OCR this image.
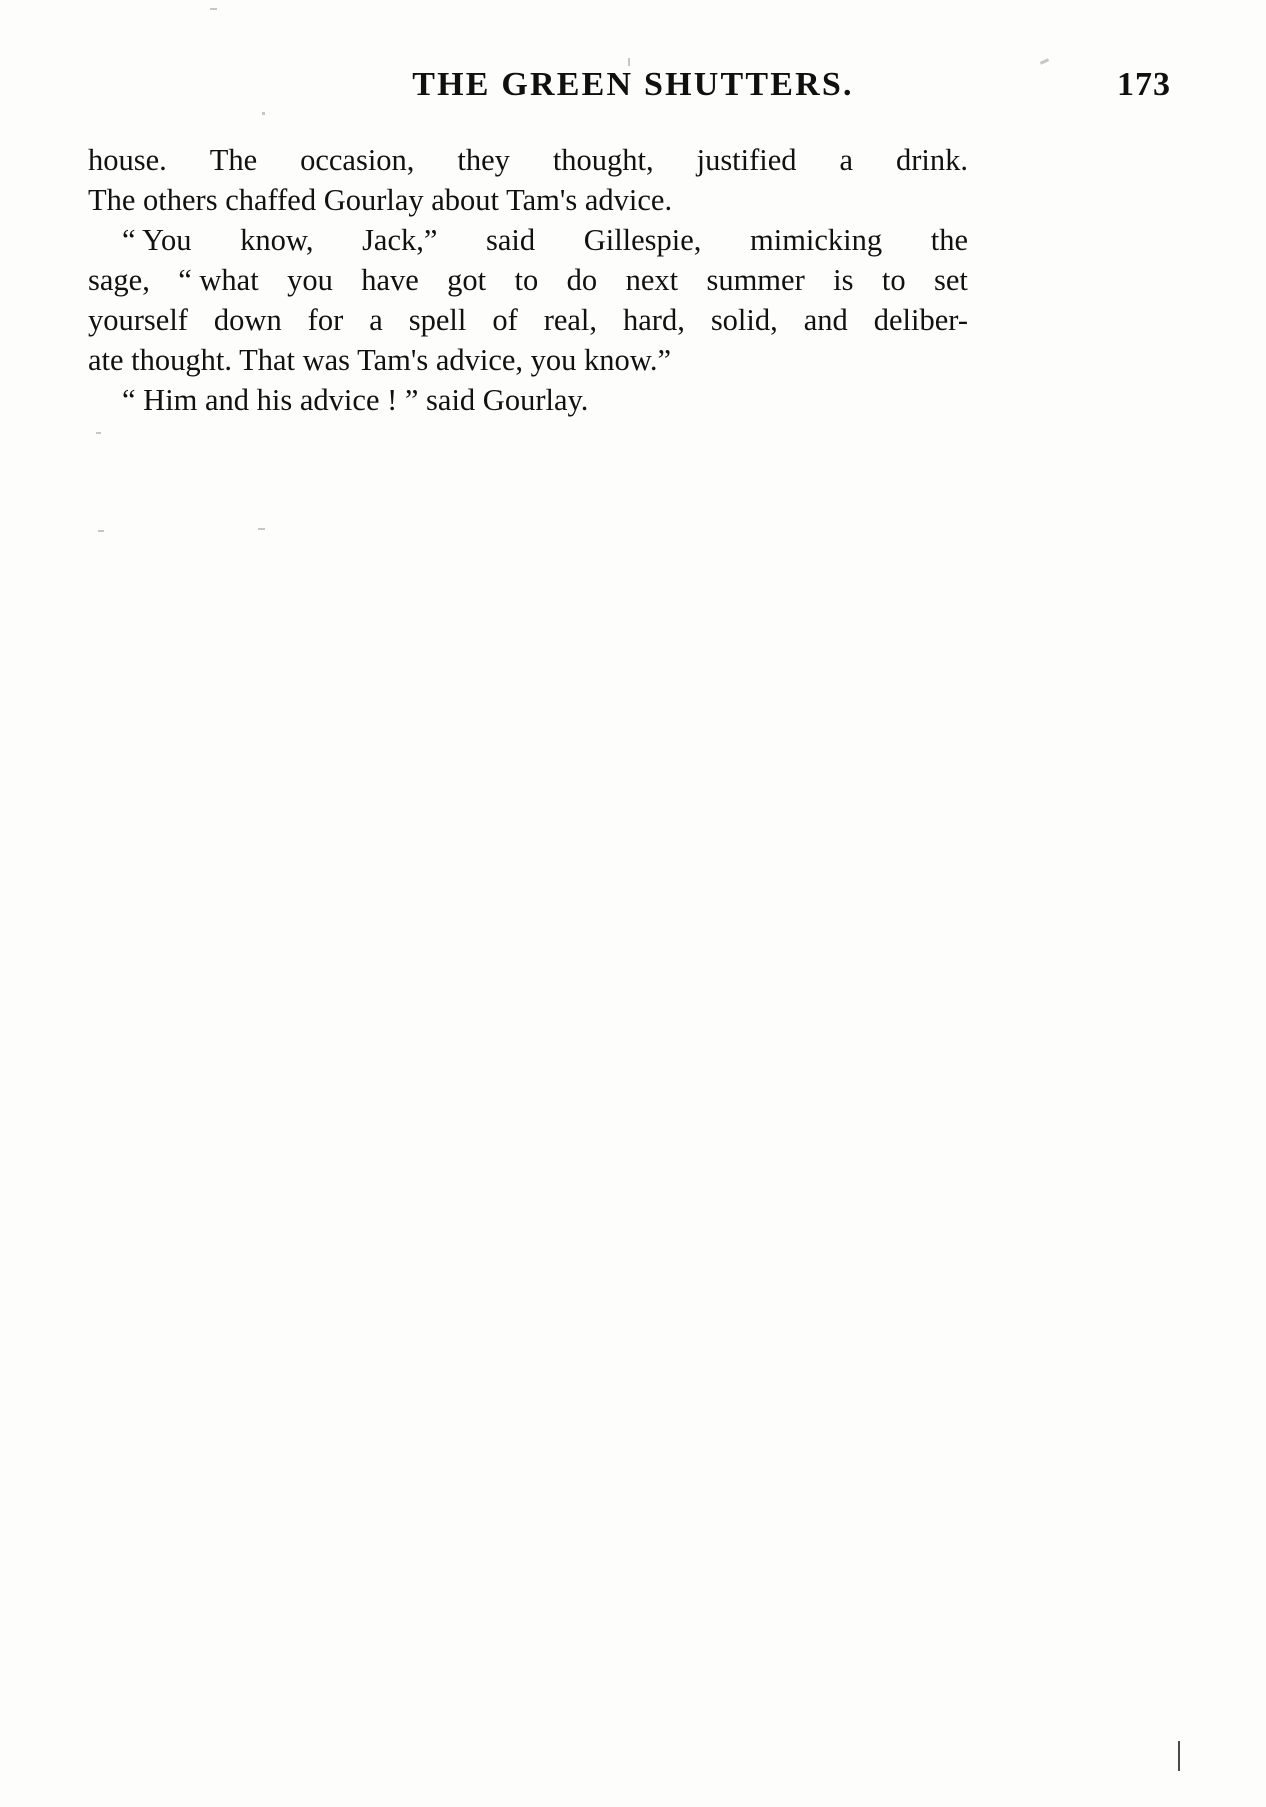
THE GREEN SHUTTERS.	173

house. The occasion, they thought, justified a drink.
The others chaffed Gourlay about Tam's advice.

“ You know, Jack,” said Gillespie, mimicking the
sage, “ what you have got to do next summer is to set
yourself down for a spell of real, hard, solid, and deliber-
ate thought. That was Tam's advice, you know.”

“ Him and his advice ! ” said Gourlay.
